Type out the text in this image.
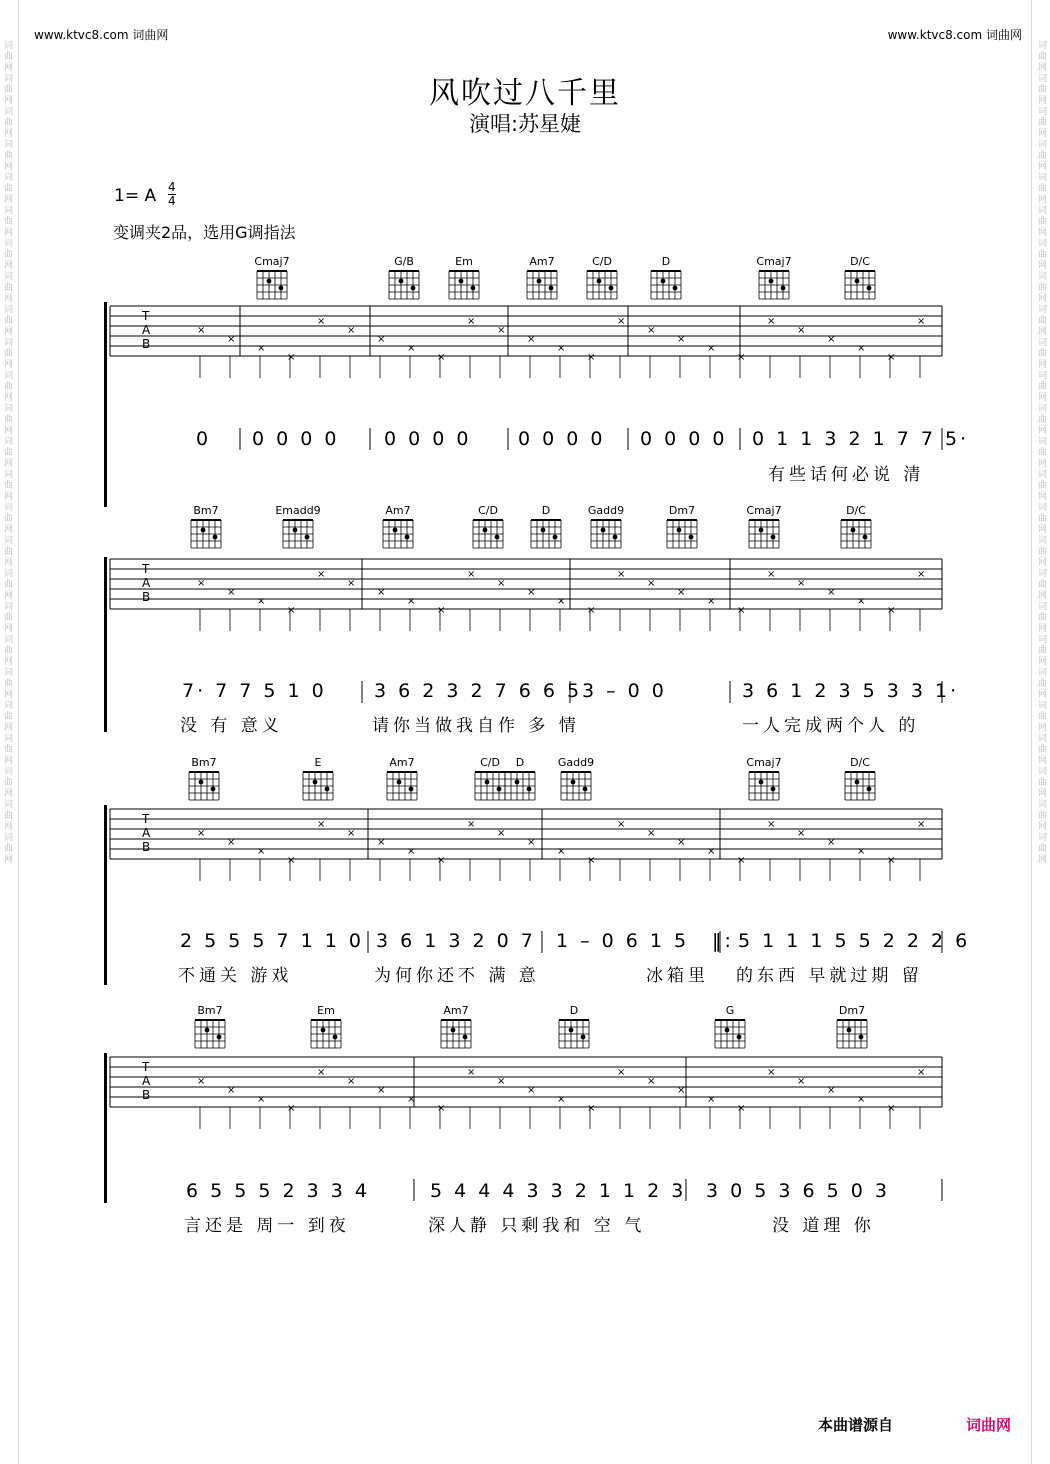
词曲网词曲网词曲网词曲网词曲网词曲网词曲网词曲网词曲网词曲网词曲网词曲网词曲网词曲网词曲网词曲网词曲网词曲网词曲网词曲网词曲网词曲网词曲网词曲网词曲网	词曲网词曲网词曲网词曲网词曲网词曲网词曲网词曲网词曲网词曲网词曲网词曲网词曲网词曲网词曲网词曲网词曲网词曲网词曲网词曲网词曲网词曲网词曲网词曲网词曲网
www.ktvc8.com 词曲网	www.ktvc8.com 词曲网
风吹过八千里
演唱:苏星婕
1= A $\frac{4}{4}$
变调夹2品，选用G调指法
T
A
B
Cmaj7	G/B	Em	Am7	C/D	D	Cmaj7	D/C
×
×
×
×
×
×
×
×
×
×
×
×
×
×
×
×
×
×
×
×
×
×
×
×
×
T
A
B
Bm7	Emadd9	Am7	C/D	D	Gadd9	Dm7	Cmaj7	D/C
×
×
×
×
×
×
×
×
×
×
×
×
×
×
×
×
×
×
×
×
×
×
×
×
×
T
A
B
Bm7	E	Am7	C/D D	Gadd9	Cmaj7	D/C
×
×
×
×
×
×
×
×
×
×
×
×
×
×
×
×
×
×
×
×
×
×
×
×
×
T
A
B
Bm7	Em	Am7	D	G	Dm7
×
×
×
×
×
×
×
×
×
×
×
×
×
×
×
×
×
×
×
×
×
×
×
×
×
0 0 0 0 0 0 0 0 0 0 0 0 0 0 0 0 0 0 1 1 3 2 1 7 7 5·
有些话何必说 清
7· 7 7 5 1 0 3 6 2 3 2 7 6 6 5 3 – 0 0	3 6 1 2 3 5 3 3 1·
没 有 意义	请你当做我自作 多 情	一人完成两个人 的
2 5 5 5 7 1 1 0 3 6 1 3 2 0 7 1 – 0 6 1 5 ‖: 5 1 1 1 5 5 2 2 2 6
不通关 游戏	为何你还不 满 意	冰箱里 的东西 早就过期 留
6 5 5 5 2 3 3 4	5 4 4 4 3 3 2 1 1 2 3 3 0 5 3 6 5 0 3
言还是 周一 到夜	深人静 只剩我和 空 气	没 道理 你
本曲谱源自	词曲网
